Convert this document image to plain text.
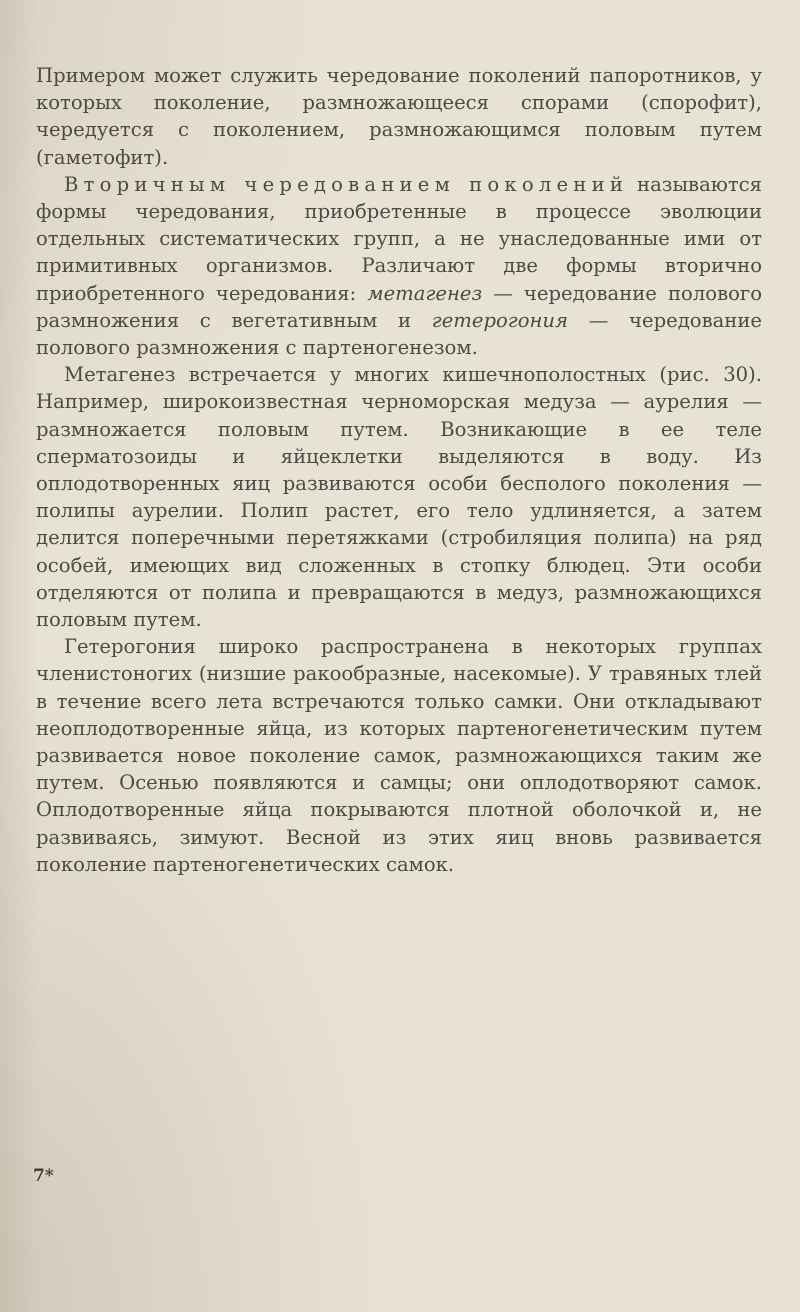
Примером может служить чередование поколений папоротников, у которых поколение, размножающееся спорами (спорофит), чередуется с поколением, размножающимся половым путем (гаметофит).

Вторичным чередованием поколений называются формы чередования, приобретенные в процессе эволюции отдельных систематических групп, а не унаследованные ими от примитивных организмов. Различают две формы вторично приобретенного чередования: метагенез — чередование полового размножения с вегетативным и гетерогония — чередование полового размножения с партеногенезом.

Метагенез встречается у многих кишечнополостных (рис. 30). Например, широкоизвестная черноморская медуза — аурелия — размножается половым путем. Возникающие в ее теле сперматозоиды и яйцеклетки выделяются в воду. Из оплодотворенных яиц развиваются особи бесполого поколения — полипы аурелии. Полип растет, его тело удлиняется, а затем делится поперечными перетяжками (стробиляция полипа) на ряд особей, имеющих вид сложенных в стопку блюдец. Эти особи отделяются от полипа и превращаются в медуз, размножающихся половым путем.

Гетерогония широко распространена в некоторых группах членистоногих (низшие ракообразные, насекомые). У травяных тлей в течение всего лета встречаются только самки. Они откладывают неоплодотворенные яйца, из которых партеногенетическим путем развивается новое поколение самок, размножающихся таким же путем. Осенью появляются и самцы; они оплодотворяют самок. Оплодотворенные яйца покрываются плотной оболочкой и, не развиваясь, зимуют. Весной из этих яиц вновь развивается поколение партеногенетических самок.

7*
